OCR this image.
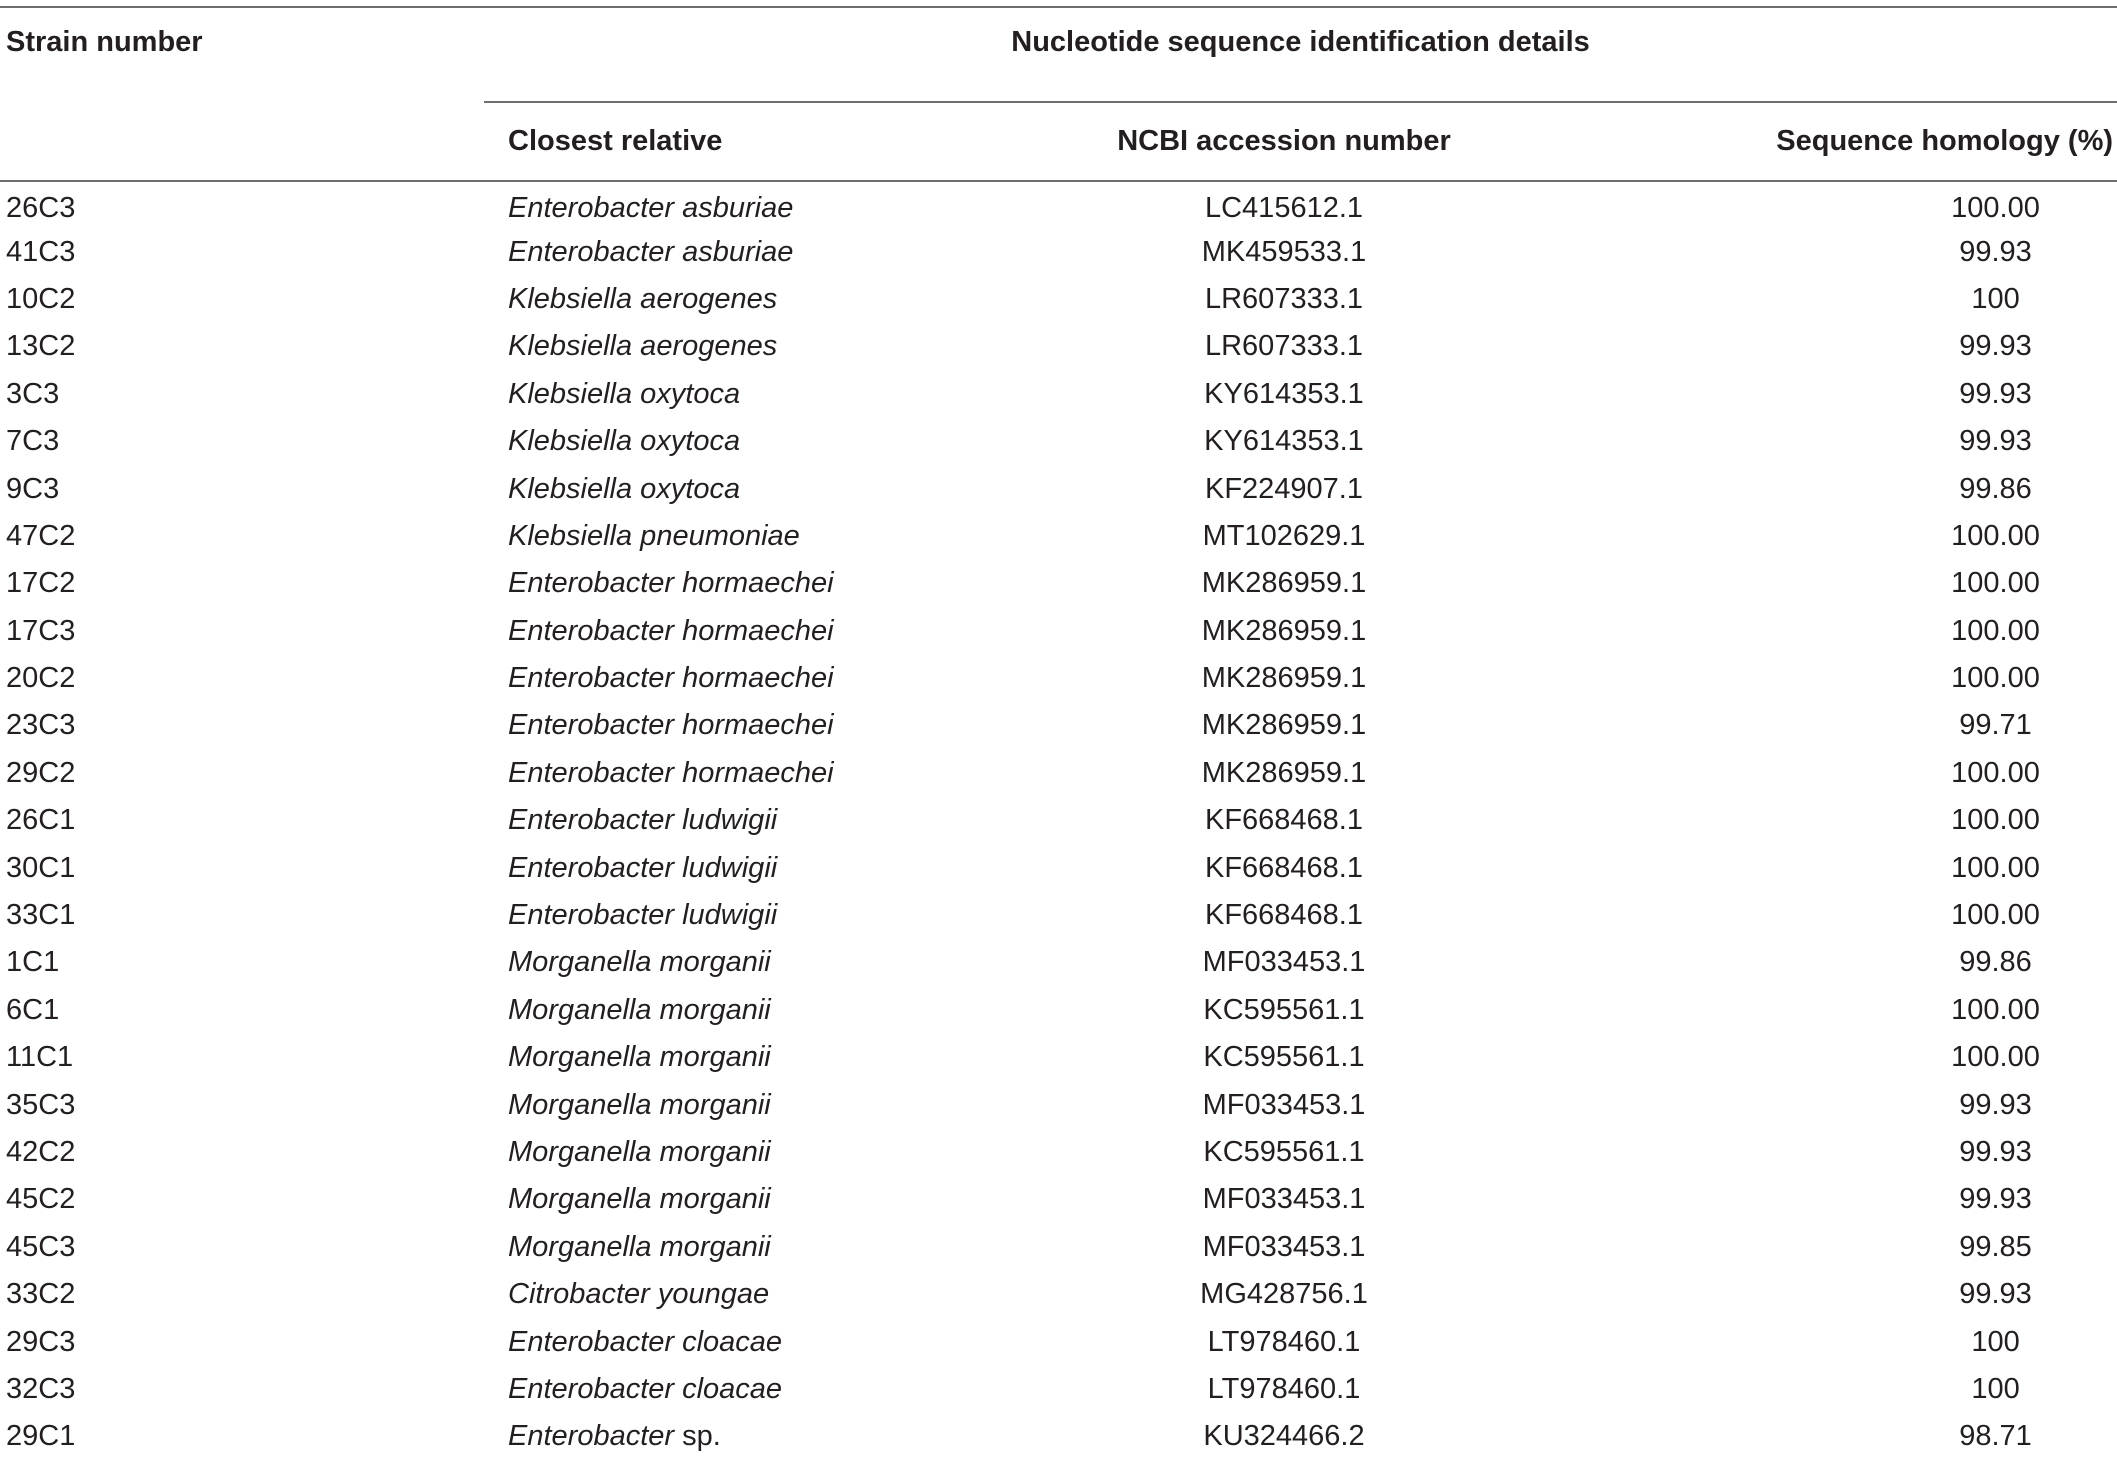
Strain number	Nucleotide sequence identification details		

	Closest relative	NCBI accession number	Sequence homology (%)
26C3	Enterobacter asburiae	LC415612.1	100.00
41C3	Enterobacter asburiae	MK459533.1	99.93
10C2	Klebsiella aerogenes	LR607333.1	100
13C2	Klebsiella aerogenes	LR607333.1	99.93
3C3	Klebsiella oxytoca	KY614353.1	99.93
7C3	Klebsiella oxytoca	KY614353.1	99.93
9C3	Klebsiella oxytoca	KF224907.1	99.86
47C2	Klebsiella pneumoniae	MT102629.1	100.00
17C2	Enterobacter hormaechei	MK286959.1	100.00
17C3	Enterobacter hormaechei	MK286959.1	100.00
20C2	Enterobacter hormaechei	MK286959.1	100.00
23C3	Enterobacter hormaechei	MK286959.1	99.71
29C2	Enterobacter hormaechei	MK286959.1	100.00
26C1	Enterobacter ludwigii	KF668468.1	100.00
30C1	Enterobacter ludwigii	KF668468.1	100.00
33C1	Enterobacter ludwigii	KF668468.1	100.00
1C1	Morganella morganii	MF033453.1	99.86
6C1	Morganella morganii	KC595561.1	100.00
11C1	Morganella morganii	KC595561.1	100.00
35C3	Morganella morganii	MF033453.1	99.93
42C2	Morganella morganii	KC595561.1	99.93
45C2	Morganella morganii	MF033453.1	99.93
45C3	Morganella morganii	MF033453.1	99.85
33C2	Citrobacter youngae	MG428756.1	99.93
29C3	Enterobacter cloacae	LT978460.1	100
32C3	Enterobacter cloacae	LT978460.1	100
29C1	Enterobacter sp.	KU324466.2	98.71
